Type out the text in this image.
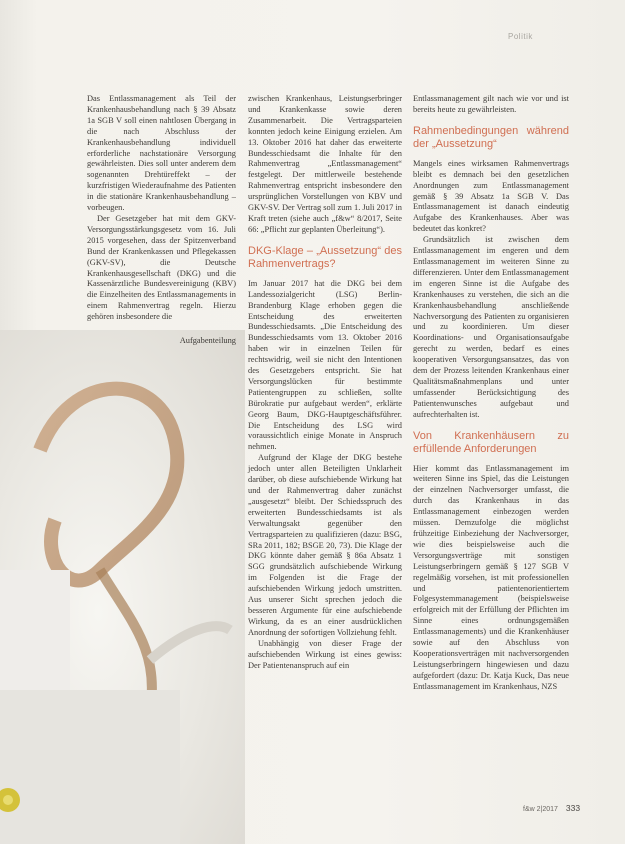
Politik

Das Entlassmanagement als Teil der Krankenhausbehandlung nach § 39 Absatz 1a SGB V soll einen nahtlosen Übergang in die nach Abschluss der Krankenhausbehandlung individuell erforderliche nachstationäre Versorgung gewährleisten. Dies soll unter anderem dem sogenannten Drehtüreffekt – der kurzfristigen Wiederaufnahme des Patienten in die stationäre Krankenhausbehandlung – vorbeugen.

Der Gesetzgeber hat mit dem GKV-Versorgungsstärkungsgesetz vom 16. Juli 2015 vorgesehen, dass der Spitzenverband Bund der Krankenkassen und Pflegekassen (GKV-SV), die Deutsche Krankenhausgesellschaft (DKG) und die Kassenärztliche Bundesvereinigung (KBV) die Einzelheiten des Entlassmanagements in einem Rahmenvertrag regeln. Hierzu gehören insbesondere die

Aufgabenteilung

zwischen Krankenhaus, Leistungserbringer und Krankenkasse sowie deren Zusammenarbeit. Die Vertragsparteien konnten jedoch keine Einigung erzielen. Am 13. Oktober 2016 hat daher das erweiterte Bundesschiedsamt die Inhalte für den Rahmenvertrag „Entlassmanagement“ festgelegt. Der mittlerweile bestehende Rahmenvertrag entspricht insbesondere den ursprünglichen Vorstellungen von KBV und GKV-SV. Der Vertrag soll zum 1. Juli 2017 in Kraft treten (siehe auch „f&w“ 8/2017, Seite 66: „Pflicht zur geplanten Überleitung“).

DKG-Klage – „Aussetzung“ des Rahmenvertrags?

Im Januar 2017 hat die DKG bei dem Landessozialgericht (LSG) Berlin-Brandenburg Klage erhoben gegen die Entscheidung des erweiterten Bundesschiedsamts. „Die Entscheidung des Bundesschiedsamts vom 13. Oktober 2016 haben wir in einzelnen Teilen für rechtswidrig, weil sie nicht den Intentionen des Gesetzgebers entspricht. Sie hat Versorgungslücken für bestimmte Patientengruppen zu schließen, sollte Bürokratie pur aufgebaut werden“, erklärte Georg Baum, DKG-Hauptgeschäftsführer. Die Entscheidung des LSG wird voraussichtlich einige Monate in Anspruch nehmen.

Aufgrund der Klage der DKG bestehe jedoch unter allen Beteiligten Unklarheit darüber, ob diese aufschiebende Wirkung hat und der Rahmenvertrag daher zunächst „ausgesetzt“ bleibt. Der Schiedsspruch des erweiterten Bundesschiedsamts ist als Verwaltungsakt gegenüber den Vertragsparteien zu qualifizieren (dazu: BSG, SRa 2011, 182; BSGE 20, 73). Die Klage der DKG könnte daher gemäß § 86a Absatz 1 SGG grundsätzlich aufschiebende Wirkung im Folgenden ist die Frage der aufschiebenden Wirkung jedoch umstritten. Aus unserer Sicht sprechen jedoch die besseren Argumente für eine aufschiebende Wirkung, da es an einer ausdrücklichen Anordnung der sofortigen Vollziehung fehlt.

Unabhängig von dieser Frage der aufschiebenden Wirkung ist eines gewiss: Der Patientenanspruch auf ein

Entlassmanagement gilt nach wie vor und ist bereits heute zu gewährleisten.

Rahmenbedingungen während der „Aussetzung“

Mangels eines wirksamen Rahmenvertrags bleibt es demnach bei den gesetzlichen Anordnungen zum Entlassmanagement gemäß § 39 Absatz 1a SGB V. Das Entlassmanagement ist danach eindeutig Aufgabe des Krankenhauses. Aber was bedeutet das konkret?

Grundsätzlich ist zwischen dem Entlassmanagement im engeren und dem Entlassmanagement im weiteren Sinne zu differenzieren. Unter dem Entlassmanagement im engeren Sinne ist die Aufgabe des Krankenhauses zu verstehen, die sich an die Krankenhausbehandlung anschließende Nachversorgung des Patienten zu organisieren und zu koordinieren. Um dieser Koordinations- und Organisationsaufgabe gerecht zu werden, bedarf es eines kooperativen Versorgungsansatzes, das von dem der Prozess leitenden Krankenhaus einer Qualitätsmaßnahmenplans und unter umfassender Berücksichtigung des Patientenwunsches aufgebaut und aufrechterhalten ist.

Von Krankenhäusern zu erfüllende Anforderungen

Hier kommt das Entlassmanagement im weiteren Sinne ins Spiel, das die Leistungen der einzelnen Nachversorger umfasst, die durch das Krankenhaus in das Entlassmanagement einbezogen werden müssen. Demzufolge die möglichst frühzeitige Einbeziehung der Nachversorger, wie dies beispielsweise auch die Versorgungsverträge mit sonstigen Leistungserbringern gemäß § 127 SGB V regelmäßig vorsehen, ist mit professionellen und patientenorientiertem Folgesystemmanagement (beispielsweise erfolgreich mit der Erfüllung der Pflichten im Sinne eines ordnungsgemäßen Entlassmanagements) und die Krankenhäuser sowie auf den Abschluss von Kooperationsverträgen mit nachversorgenden Leistungserbringern hingewiesen und dazu aufgefordert (dazu: Dr. Katja Kuck, Das neue Entlassmanagement im Krankenhaus, NZS

f&w 2|2017 333
